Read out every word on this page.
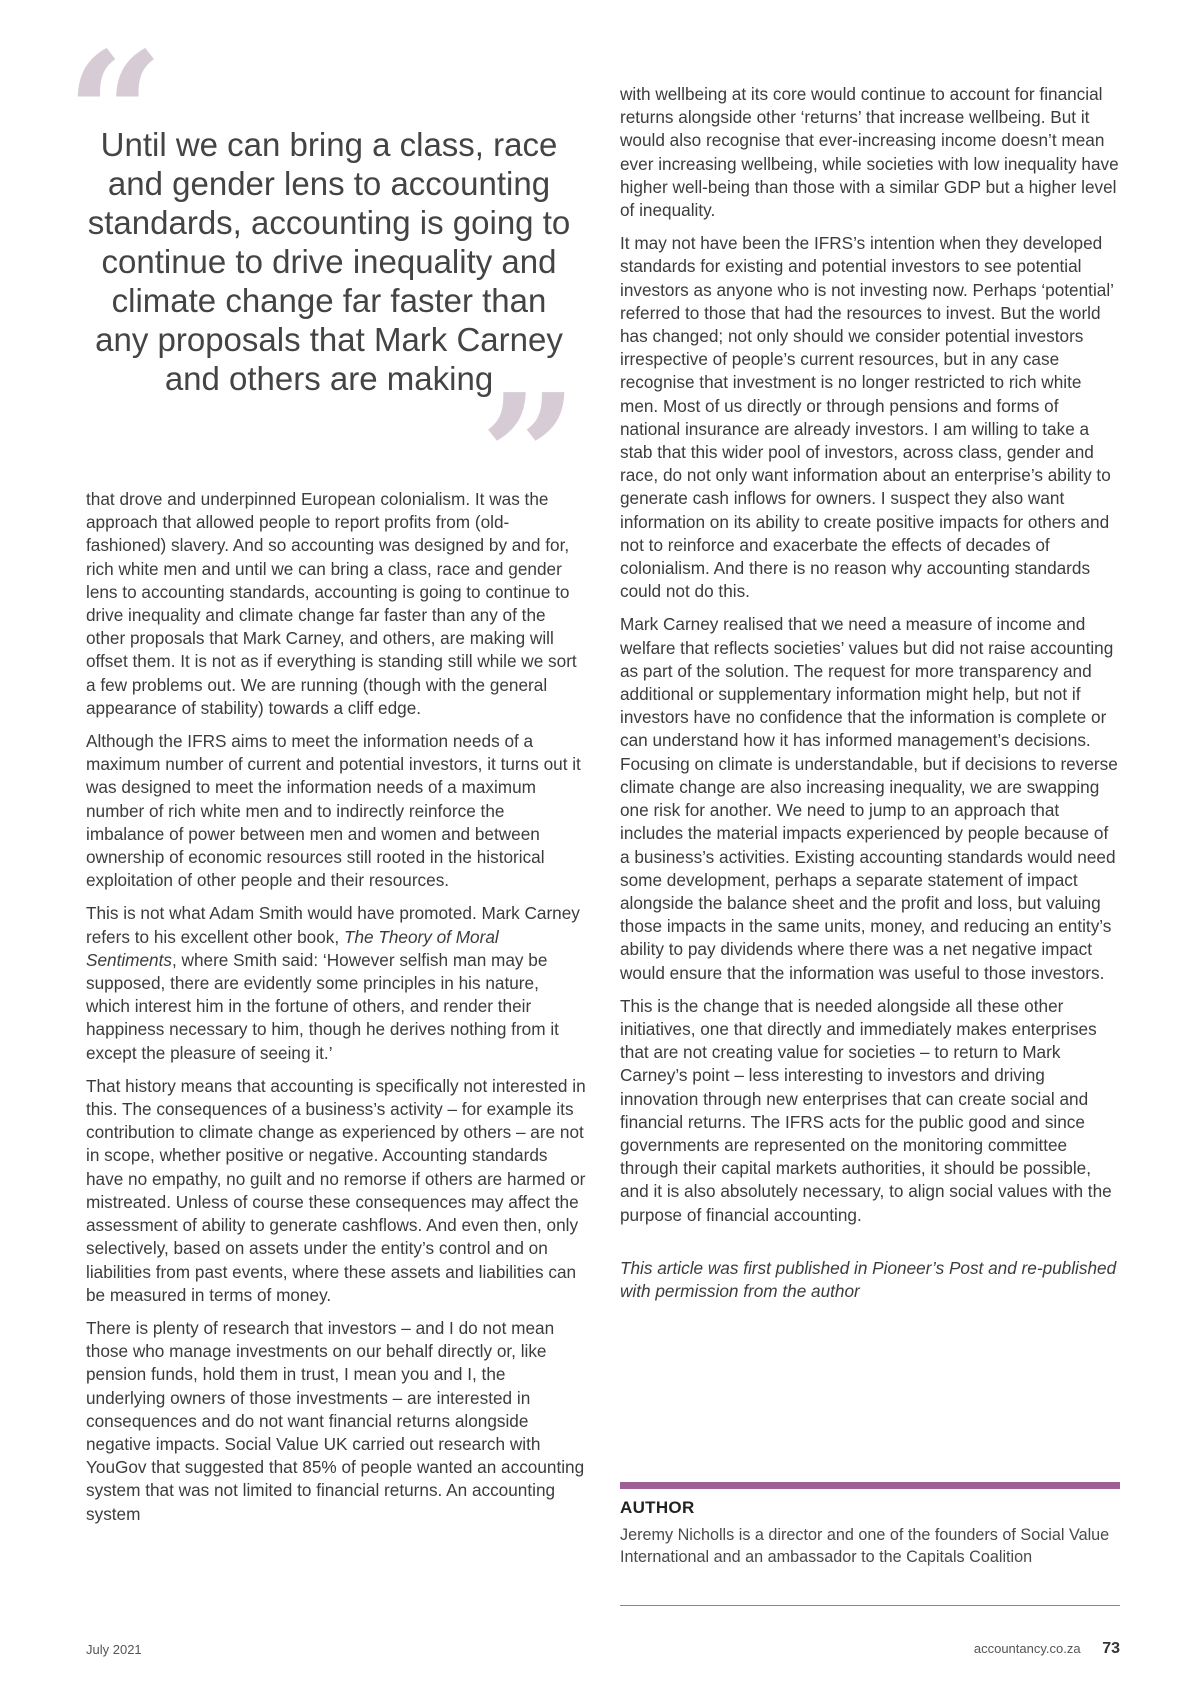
“
Until we can bring a class, race and gender lens to accounting standards, accounting is going to continue to drive inequality and climate change far faster than any proposals that Mark Carney and others are making
”

that drove and underpinned European colonialism. It was the approach that allowed people to report profits from (old-fashioned) slavery. And so accounting was designed by and for, rich white men and until we can bring a class, race and gender lens to accounting standards, accounting is going to continue to drive inequality and climate change far faster than any of the other proposals that Mark Carney, and others, are making will offset them. It is not as if everything is standing still while we sort a few problems out. We are running (though with the general appearance of stability) towards a cliff edge.

Although the IFRS aims to meet the information needs of a maximum number of current and potential investors, it turns out it was designed to meet the information needs of a maximum number of rich white men and to indirectly reinforce the imbalance of power between men and women and between ownership of economic resources still rooted in the historical exploitation of other people and their resources.

This is not what Adam Smith would have promoted. Mark Carney refers to his excellent other book, The Theory of Moral Sentiments, where Smith said: ‘However selfish man may be supposed, there are evidently some principles in his nature, which interest him in the fortune of others, and render their happiness necessary to him, though he derives nothing from it except the pleasure of seeing it.’

That history means that accounting is specifically not interested in this. The consequences of a business’s activity – for example its contribution to climate change as experienced by others – are not in scope, whether positive or negative. Accounting standards have no empathy, no guilt and no remorse if others are harmed or mistreated. Unless of course these consequences may affect the assessment of ability to generate cashflows. And even then, only selectively, based on assets under the entity’s control and on liabilities from past events, where these assets and liabilities can be measured in terms of money.

There is plenty of research that investors – and I do not mean those who manage investments on our behalf directly or, like pension funds, hold them in trust, I mean you and I, the underlying owners of those investments – are interested in consequences and do not want financial returns alongside negative impacts. Social Value UK carried out research with YouGov that suggested that 85% of people wanted an accounting system that was not limited to financial returns. An accounting system

with wellbeing at its core would continue to account for financial returns alongside other ‘returns’ that increase wellbeing. But it would also recognise that ever-increasing income doesn’t mean ever increasing wellbeing, while societies with low inequality have higher well-being than those with a similar GDP but a higher level of inequality.

It may not have been the IFRS’s intention when they developed standards for existing and potential investors to see potential investors as anyone who is not investing now. Perhaps ‘potential’ referred to those that had the resources to invest. But the world has changed; not only should we consider potential investors irrespective of people’s current resources, but in any case recognise that investment is no longer restricted to rich white men. Most of us directly or through pensions and forms of national insurance are already investors. I am willing to take a stab that this wider pool of investors, across class, gender and race, do not only want information about an enterprise’s ability to generate cash inflows for owners. I suspect they also want information on its ability to create positive impacts for others and not to reinforce and exacerbate the effects of decades of colonialism. And there is no reason why accounting standards could not do this.

Mark Carney realised that we need a measure of income and welfare that reflects societies’ values but did not raise accounting as part of the solution. The request for more transparency and additional or supplementary information might help, but not if investors have no confidence that the information is complete or can understand how it has informed management’s decisions. Focusing on climate is understandable, but if decisions to reverse climate change are also increasing inequality, we are swapping one risk for another. We need to jump to an approach that includes the material impacts experienced by people because of a business’s activities. Existing accounting standards would need some development, perhaps a separate statement of impact alongside the balance sheet and the profit and loss, but valuing those impacts in the same units, money, and reducing an entity’s ability to pay dividends where there was a net negative impact would ensure that the information was useful to those investors.

This is the change that is needed alongside all these other initiatives, one that directly and immediately makes enterprises that are not creating value for societies – to return to Mark Carney’s point – less interesting to investors and driving innovation through new enterprises that can create social and financial returns. The IFRS acts for the public good and since governments are represented on the monitoring committee through their capital markets authorities, it should be possible, and it is also absolutely necessary, to align social values with the purpose of financial accounting.

This article was first published in Pioneer’s Post and re-published with permission from the author

AUTHOR
Jeremy Nicholls is a director and one of the founders of Social Value International and an ambassador to the Capitals Coalition
July 2021	accountancy.co.za 73
